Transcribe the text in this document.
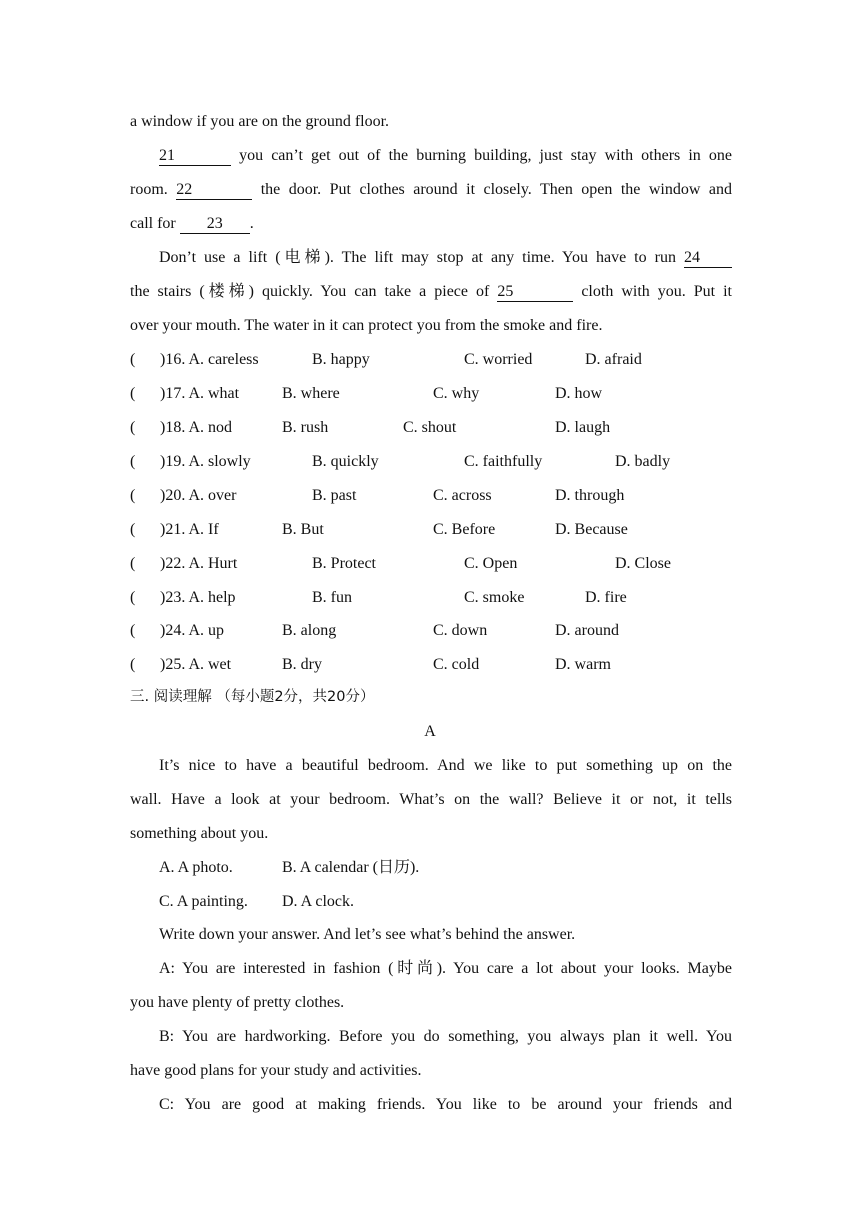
a window if you are on the ground floor.
21	you can’t get out of the burning building, just stay with others in one
room. 22	the door. Put clothes around it closely. Then open the window and
call for 23 .
Don’t use a lift (电梯). The lift may stop at any time. You have to run 24
the stairs (楼梯) quickly. You can take a piece of 25	cloth with you. Put it
over your mouth. The water in it can protect you from the smoke and fire.
( )16. A. careless	B. happy	C. worried	D. afraid
( )17. A. what	B. where	C. why	D. how
( )18. A. nod	B. rush	C. shout	D. laugh
( )19. A. slowly	B. quickly	C. faithfully	D. badly
( )20. A. over	B. past	C. across	D. through
( )21. A. If	B. But	C. Before	D. Because
( )22. A. Hurt	B. Protect	C. Open	D. Close
( )23. A. help	B. fun	C. smoke	D. fire
( )24. A. up	B. along	C. down	D. around
( )25. A. wet	B. dry	C. cold	D. warm
三. 阅读理解 （每小题2分，共20分）
A
It’s nice to have a beautiful bedroom. And we like to put something up on the
wall. Have a look at your bedroom. What’s on the wall? Believe it or not, it tells
something about you.
A. A photo.	B. A calendar (日历).
C. A painting. D. A clock.
Write down your answer. And let’s see what’s behind the answer.
A: You are interested in fashion (时尚). You care a lot about your looks. Maybe
you have plenty of pretty clothes.
B: You are hardworking. Before you do something, you always plan it well. You
have good plans for your study and activities.
C: You are good at making friends. You like to be around your friends and
